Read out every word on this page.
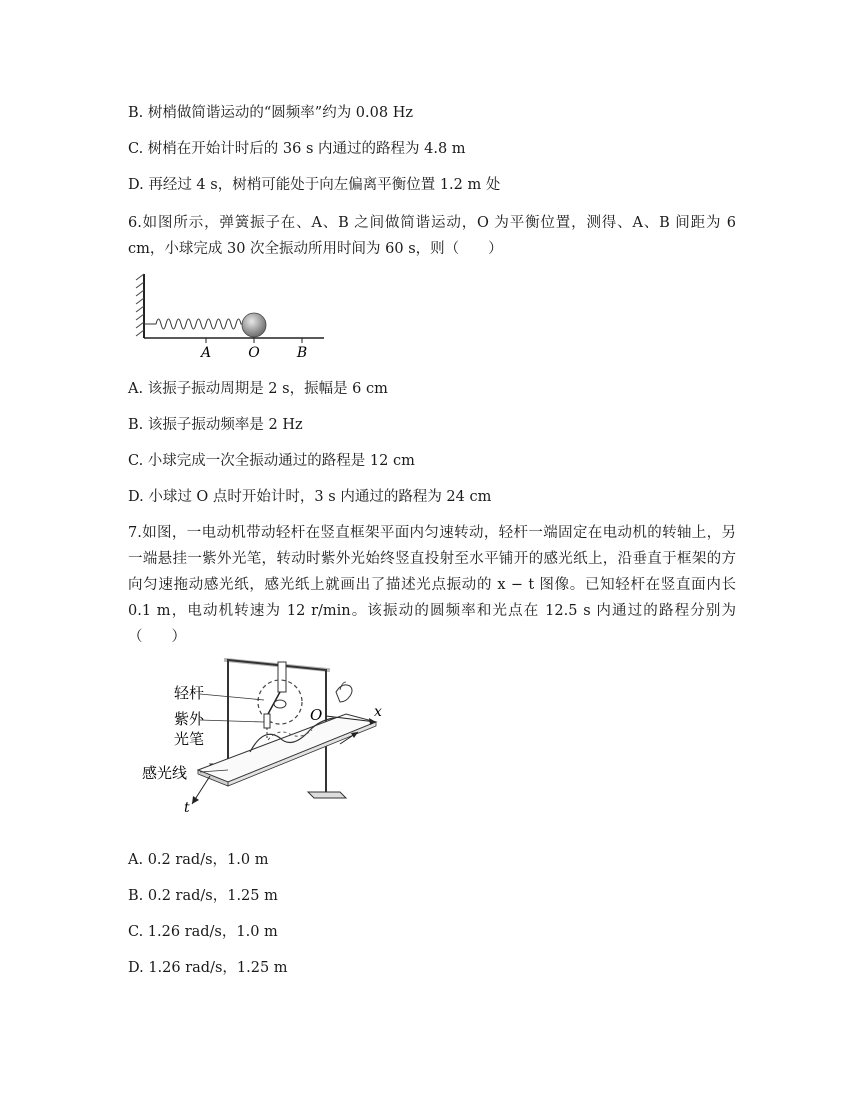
B. 树梢做简谐运动的“圆频率”约为 0.08 Hz
C. 树梢在开始计时后的 36 s 内通过的路程为 4.8 m
D. 再经过 4 s，树梢可能处于向左偏离平衡位置 1.2 m 处
6.如图所示，弹簧振子在、A、B 之间做简谐运动，O 为平衡位置，测得、A、B 间距为 6 cm，小球完成 30 次全振动所用时间为 60 s，则（　　）
A	O	B
A. 该振子振动周期是 2 s，振幅是 6 cm
B. 该振子振动频率是 2 Hz
C. 小球完成一次全振动通过的路程是 12 cm
D. 小球过 O 点时开始计时，3 s 内通过的路程为 24 cm
7.如图，一电动机带动轻杆在竖直框架平面内匀速转动，轻杆一端固定在电动机的转轴上，另一端悬挂一紫外光笔，转动时紫外光始终竖直投射至水平铺开的感光纸上，沿垂直于框架的方向匀速拖动感光纸，感光纸上就画出了描述光点振动的 x − t 图像。已知轻杆在竖直面内长 0.1 m，电动机转速为 12 r/min。该振动的圆频率和光点在 12.5 s 内通过的路程分别为（　　）
轻杆
紫外
光笔
感光线
O	x
t
A. 0.2 rad/s，1.0 m
B. 0.2 rad/s，1.25 m
C. 1.26 rad/s，1.0 m
D. 1.26 rad/s，1.25 m
